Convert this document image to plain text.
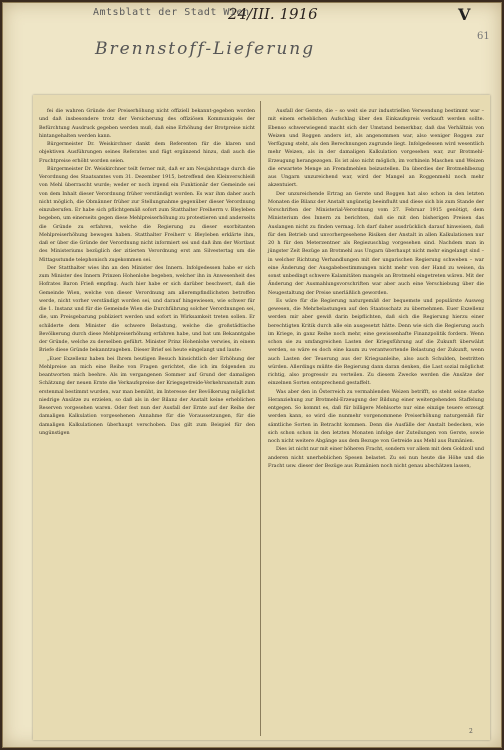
Amtsblatt der Stadt Wien
24/III. 1916	V
61
Brennstoff-Lieferung

fei die wahren Gründe der Preiserhöhung nicht offiziell bekannt-gegeben worden und daß insbesondere trotz der Versicherung des offiziösen Kommuniqués der Befürchtung Ausdruck gegeben werden muß, daß eine Erhöhung der Brotpreise nicht hintangehalten werden kann.

Bürgermeister Dr. Weiskirchner dankt dem Referenten für die klaren und objektiven Ausführungen seines Referates und fügt ergänzend hinzu, daß auch die Fruchtpreise erhöht worden seien.

Bürgermeister Dr. Weiskirchner teilt ferner mit, daß er am Neujahrstage durch die Verordnung des Staatsamtes vom 31. Dezember 1915, betreffend den Kleinverschleiß von Mehl überrascht wurde; weder er noch irgend ein Funktionär der Gemeinde sei von dem Inhalt dieser Verordnung früher verständigt worden. Es war ihm daher auch nicht möglich, die Obmänner früher zur Stellungnahme gegenüber dieser Verordnung einzuberufen. Er habe sich pflichtgemäß sofort zum Statthalter Freiherrn v. Bleyleben begeben, um einerseits gegen diese Mehlpreiserhöhung zu protestieren und anderseits die Gründe zu erfahren, welche die Regierung zu dieser exorbitanten Mehlpreiserhöhung bewogen haben. Statthalter Freiherr v. Bleyleben erklärte ihm, daß er über die Gründe der Verordnung nicht informiert sei und daß ihm der Wortlaut des Ministeriums bezüglich der zitierten Verordnung erst am Silvestertag um die Mittagsstunde telephonisch zugekommen sei.

Der Statthalter wies ihn an den Minister des Innern. Infolgedessen habe er sich zum Minister des Innern Prinzen Hohenlohe begeben, welcher ihn in Anwesenheit des Hofrates Baron Frieß empfing. Auch hier habe er sich darüber beschwert, daß die Gemeinde Wien, welche von dieser Verordnung am allerempfindlichsten betroffen werde, nicht vorher verständigt worden sei, und darauf hingewiesen, wie schwer für die 1. Instanz und für die Gemeinde Wien die Durchführung solcher Verordnungen sei, die, um Preisgebarung publiziert werden und sofort in Wirksamkeit treten sollen. Er schilderte dem Minister die schwere Belastung, welche die großstädtische Bevölkerung durch diese Mehlpreiserhöhung erfahren habe, und bat um Bekanntgabe der Gründe, welche zu derselben geführt. Minister Prinz Hohenlohe verwies, in einem Briefe diese Gründe bekanntzugeben. Dieser Brief sei heute eingelangt und laute:

„Euer Exzellenz haben bei Ihrem heutigen Besuch hinsichtlich der Erhöhung der Mehlpreise an mich eine Reihe von Fragen gerichtet, die ich im folgenden zu beantworten mich beehre. Als im vergangenen Sommer auf Grund der damaligen Schätzung der neuen Ernte die Verkaufspreise der Kriegsgetreide-Verkehrsanstalt zum erstenmal bestimmt wurden, war man bemüht, im Interesse der Bevölkerung möglichst niedrige Ansätze zu erzielen, so daß als in der Bilanz der Anstalt keine erheblichen Reserven vorgesehen waren. Oder fest nun der Ausfall der Ernte auf der Reihe der damaligen Kalkulation vorgesehenen Annahme für die Voraussetzungen, für die damaligen Kalkulationen überhaupt verschoben. Das gilt zum Beispiel für den ungünstigen

Ausfall der Gerste, die – so weit sie zur industriellen Verwendung bestimmt war – mit einem erheblichen Aufschlag über den Einkaufspreis verkauft werden sollte. Ebenso schwerwiegend macht sich der Umstand bemerkbar, daß das Verhältnis von Weizen und Roggen anders ist, als angenommen war, also weniger Roggen zur Verfügung steht, als den Berechnungen zugrunde liegt. Infolgedessen wird wesentlich mehr Weizen, als in der damaligen Kalkulation vorgesehen war, zur Brotmehl-Erzeugung herangezogen. Es ist also nicht möglich, im vorhinein Maschen und Weizen die erwartete Menge an Fremdmehlen beizustellen. Da überdies der Brotmehlbezug aus Ungarn unzureichend war, wird der Mangel an Roggenmehl noch mehr akzentuiert.

Der unzureichende Ertrag an Gerste und Roggen hat also schon in den letzten Monaten die Bilanz der Anstalt ungünstig beeinflußt und diese sich bis zum Stande der Vorschriften der Ministerial-Verordnung vom 27. Februar 1915 genötigt, dem Ministerium des Innern zu berichten, daß sie mit den bisherigen Preisen das Auslangen nicht zu finden vermag. Ich darf daher ausdrücklich darauf hinweisen, daß für den Betrieb und unvorhergesehene Risiken der Anstalt in allen Kalkulationen nur 20 h für den Meterzentner als Regiezuschlag vorgesehen sind. Nachdem man in jüngster Zeit Bezüge an Brotmehl aus Ungarn überhaupt nicht mehr eingelangt sind – in welcher Richtung Verhandlungen mit der ungarischen Regierung schweben – war eine Änderung der Ausgabebestimmungen nicht mehr von der Hand zu weisen, da sonst unbedingt schwere Kalamitäten mangels an Brotmehl eingetreten wären. Mit der Änderung der Ausmahlungsvorschriften war aber auch eine Verschiebung über die Neugestaltung der Preise unerläßlich geworden.

Es wäre für die Regierung naturgemäß der bequemste und populärste Ausweg gewesen, die Mehrbelastungen auf den Staatsschatz zu übernehmen. Euer Exzellenz werden mir aber gewiß darin beipflichten, daß sich die Regierung hierzu einer berechtigten Kritik durch alle ein ausgesetzt hätte. Denn wie sich die Regierung auch im Kriege, in ganz Reihe noch mehr, eine gewissenhafte Finanzpolitik fordern. Wenn schon sie zu umfangreichen Lasten der Kriegsführung auf die Zukunft überwälzt werden, so wäre es doch eine kaum zu verantwortende Belastung der Zukunft, wenn auch Lasten der Teuerung aus der Kriegsanleihe, also auch Schulden, bestritten würden. Allerdings müßte die Regierung dann daran denken, die Last sozial möglichst richtig, also progressiv zu verteilen. Zu diesem Zwecke werden die Ansätze der einzelnen Sorten entsprechend gestaffelt.

Was aber den in Österreich zu vermahlenden Weizen betrifft, so steht seine starke Heranziehung zur Brotmehl-Erzeugung der Bildung einer weitergehenden Staffelung entgegen. So kommt es, daß für billigere Mehlsorte nur eine einzige teuere erzeugt werden kann, so wird die nunmehr vorgenommene Preiserhöhung naturgemäß für sämtliche Sorten in Betracht kommen. Denn die Ausfälle der Anstalt bedecken, wie sich schon schon in den letzten Monaten infolge der Zuteilungen von Gerste, sowie noch nicht weitere Abgänge aus dem Bezuge von Getreide aus Mehl aus Rumänien.

Dies ist nicht nur mit einer höheren Fracht, sondern vor allem mit dem Goldzoll und anderen nicht unerheblichen Spesen belastet. Zu sei nun heute die Höhe und die Fracht usw. dieser der Bezüge aus Rumänien noch nicht genau abschätzen lassen,

2
